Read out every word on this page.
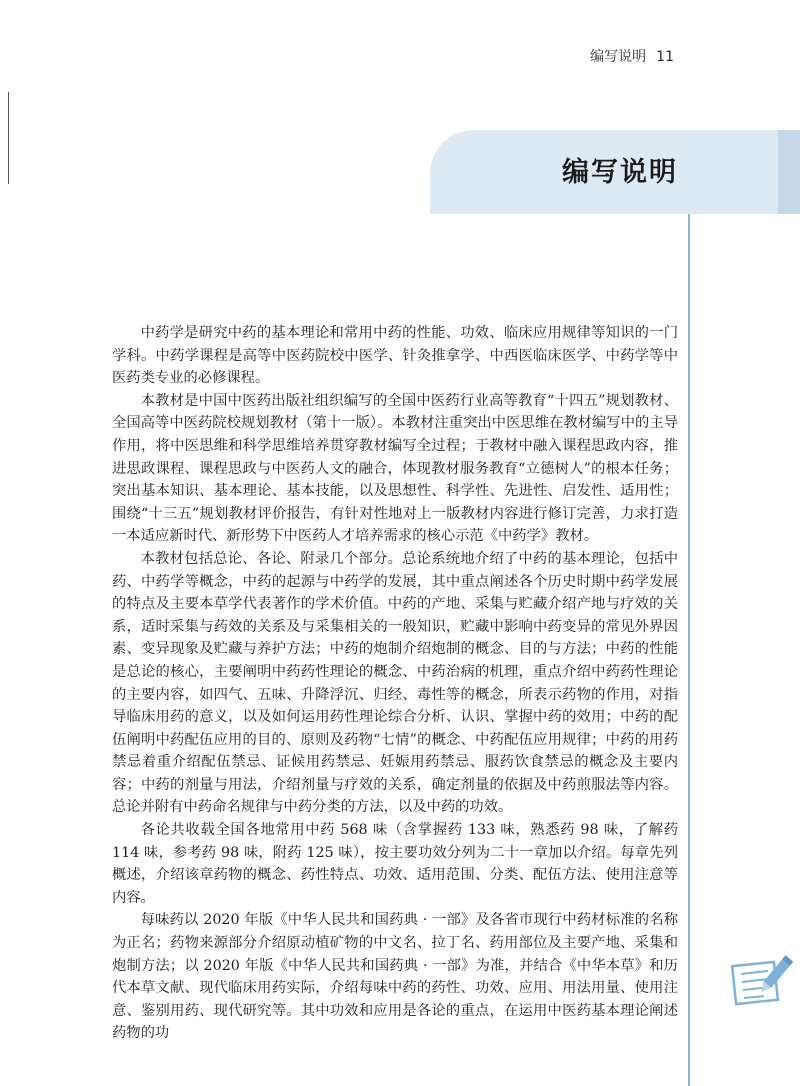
编写说明 11
编写说明

中药学是研究中药的基本理论和常用中药的性能、功效、临床应用规律等知识的一门学科。中药学课程是高等中医药院校中医学、针灸推拿学、中西医临床医学、中药学等中医药类专业的必修课程。

本教材是中国中医药出版社组织编写的全国中医药行业高等教育“十四五”规划教材、全国高等中医药院校规划教材（第十一版）。本教材注重突出中医思维在教材编写中的主导作用，将中医思维和科学思维培养贯穿教材编写全过程；于教材中融入课程思政内容，推进思政课程、课程思政与中医药人文的融合，体现教材服务教育“立德树人”的根本任务；突出基本知识、基本理论、基本技能，以及思想性、科学性、先进性、启发性、适用性；围绕“十三五”规划教材评价报告，有针对性地对上一版教材内容进行修订完善，力求打造一本适应新时代、新形势下中医药人才培养需求的核心示范《中药学》教材。

本教材包括总论、各论、附录几个部分。总论系统地介绍了中药的基本理论，包括中药、中药学等概念，中药的起源与中药学的发展，其中重点阐述各个历史时期中药学发展的特点及主要本草学代表著作的学术价值。中药的产地、采集与贮藏介绍产地与疗效的关系，适时采集与药效的关系及与采集相关的一般知识，贮藏中影响中药变异的常见外界因素、变异现象及贮藏与养护方法；中药的炮制介绍炮制的概念、目的与方法；中药的性能是总论的核心，主要阐明中药药性理论的概念、中药治病的机理，重点介绍中药药性理论的主要内容，如四气、五味、升降浮沉、归经、毒性等的概念，所表示药物的作用，对指导临床用药的意义，以及如何运用药性理论综合分析、认识、掌握中药的效用；中药的配伍阐明中药配伍应用的目的、原则及药物“七情”的概念、中药配伍应用规律；中药的用药禁忌着重介绍配伍禁忌、证候用药禁忌、妊娠用药禁忌、服药饮食禁忌的概念及主要内容；中药的剂量与用法，介绍剂量与疗效的关系，确定剂量的依据及中药煎服法等内容。总论并附有中药命名规律与中药分类的方法，以及中药的功效。

各论共收载全国各地常用中药 568 味（含掌握药 133 味，熟悉药 98 味，了解药 114 味，参考药 98 味，附药 125 味），按主要功效分列为二十一章加以介绍。每章先列概述，介绍该章药物的概念、药性特点、功效、适用范围、分类、配伍方法、使用注意等内容。

每味药以 2020 年版《中华人民共和国药典 · 一部》及各省市现行中药材标准的名称为正名；药物来源部分介绍原动植矿物的中文名、拉丁名、药用部位及主要产地、采集和炮制方法；以 2020 年版《中华人民共和国药典 · 一部》为准，并结合《中华本草》和历代本草文献、现代临床用药实际，介绍每味中药的药性、功效、应用、用法用量、使用注意、鉴别用药、现代研究等。其中功效和应用是各论的重点，在运用中医药基本理论阐述药物的功
